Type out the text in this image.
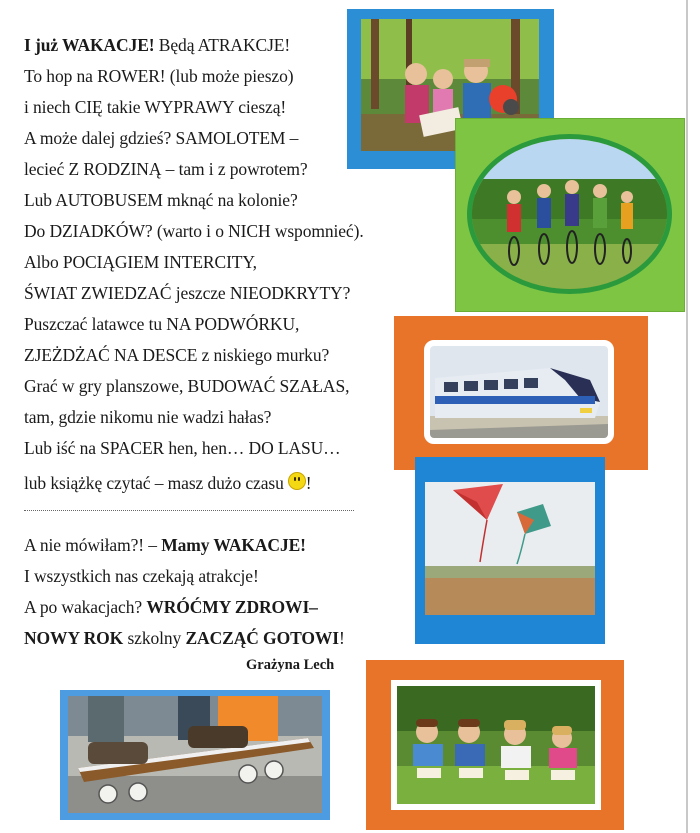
I już WAKACJE! Będą ATRAKCJE!
To hop na ROWER! (lub może pieszo)
i niech CIĘ takie WYPRAWY cieszą!
A może dalej gdzieś? SAMOLOTEM –
lecieć Z RODZINĄ – tam i z powrotem?
Lub AUTOBUSEM mknąć na kolonie?
Do DZIADKÓW? (warto i o NICH wspomnieć).
Albo POCIĄGIEM INTERCITY,
ŚWIAT ZWIEDZAĆ jeszcze NIEODKRYTY?
Puszczać latawce tu NA PODWÓRKU,
ZJEŻDŻAĆ NA DESCE z niskiego murku?
Grać w gry planszowe, BUDOWAĆ SZAŁAS,
tam, gdzie nikomu nie wadzi hałas?
Lub iść na SPACER hen, hen… DO LASU…
lub książkę czytać – masz dużo czasu !
A nie mówiłam?! – Mamy WAKACJE!
I wszystkich nas czekają atrakcje!
A po wakacjach? WRÓĆMY ZDROWI–
NOWY ROK szkolny ZACZĄĆ GOTOWI!
Grażyna Lech
